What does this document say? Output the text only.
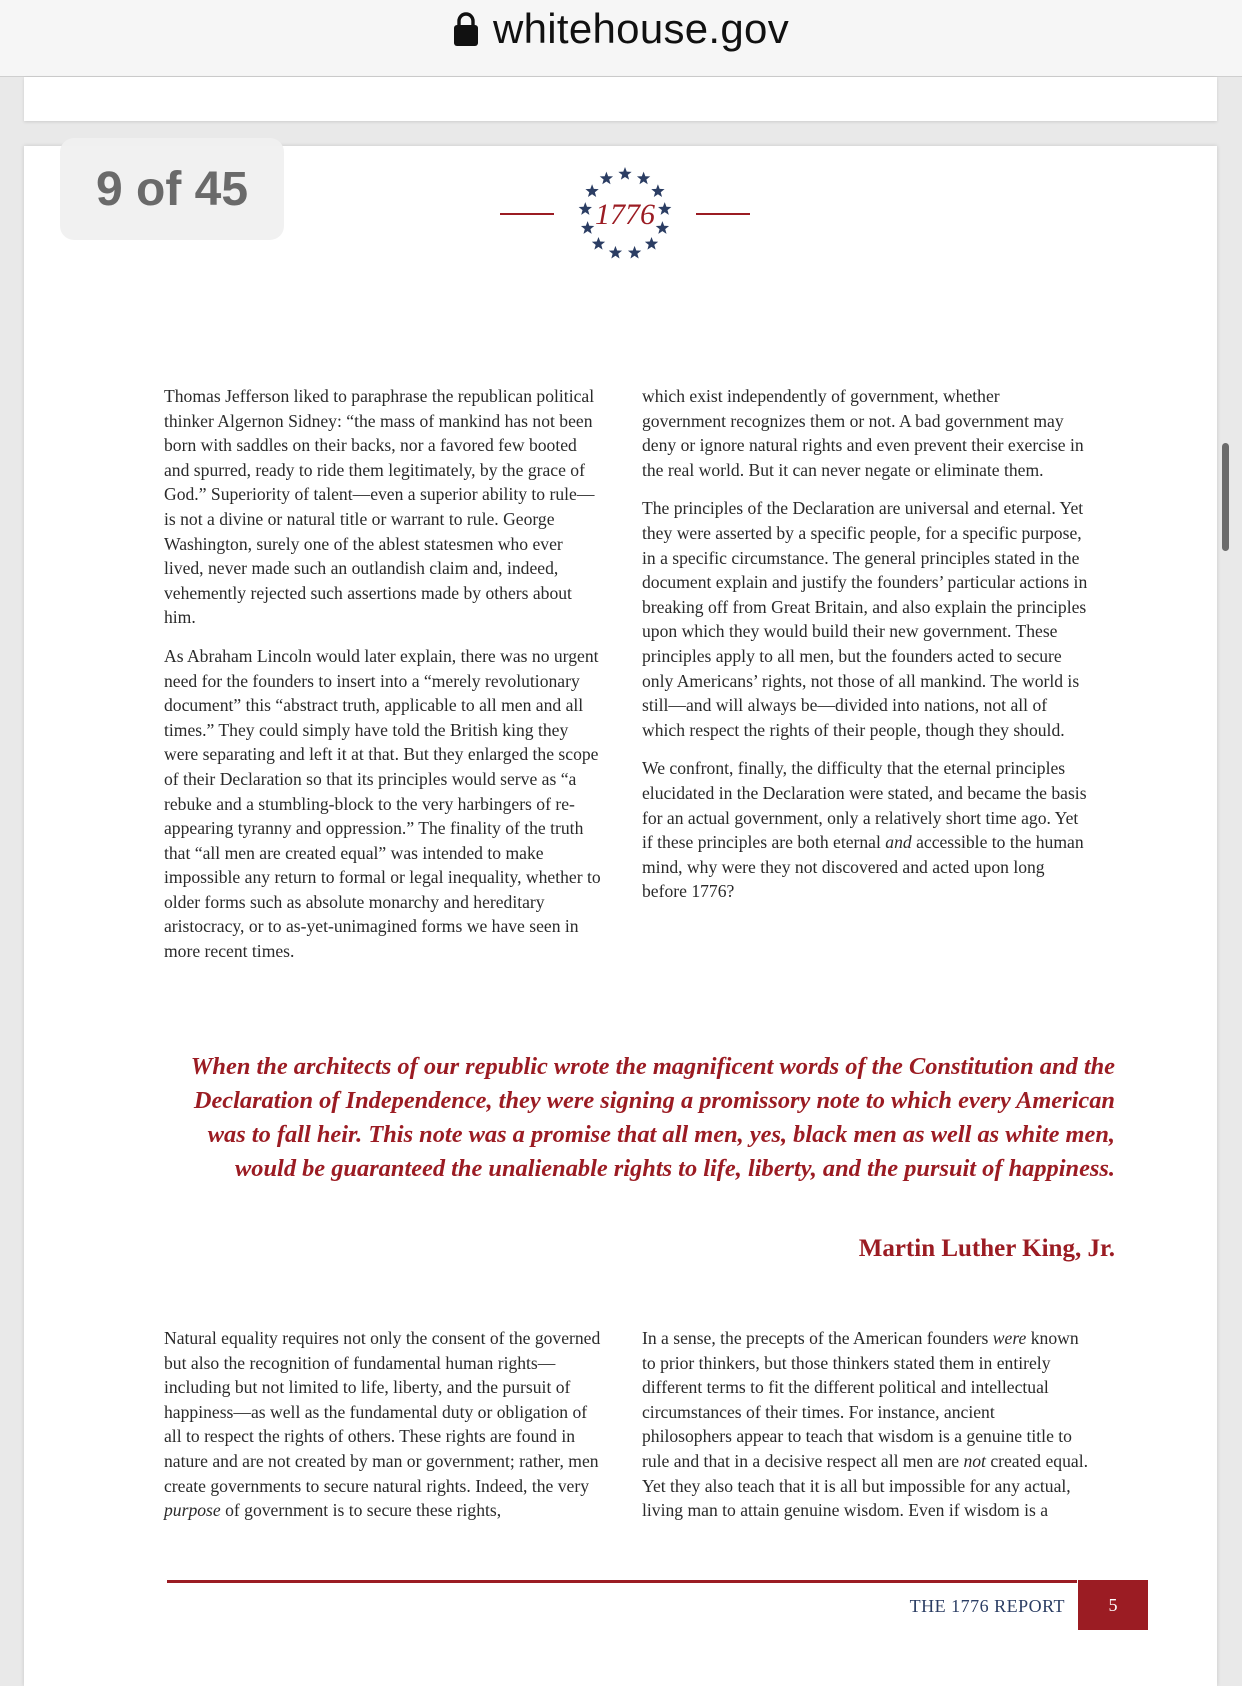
whitehouse.gov
9 of 45	1776

Thomas Jefferson liked to paraphrase the republican political thinker Algernon Sidney: “the mass of mankind has not been born with saddles on their backs, nor a favored few booted and spurred, ready to ride them legitimately, by the grace of God.” Superiority of talent—even a superior ability to rule—is not a divine or natural title or warrant to rule. George Washington, surely one of the ablest statesmen who ever lived, never made such an outlandish claim and, indeed, vehemently rejected such assertions made by others about him.

As Abraham Lincoln would later explain, there was no urgent need for the founders to insert into a “merely revolutionary document” this “abstract truth, applicable to all men and all times.” They could simply have told the British king they were separating and left it at that. But they enlarged the scope of their Declaration so that its principles would serve as “a rebuke and a stumbling-block to the very harbingers of re-appearing tyranny and oppression.” The finality of the truth that “all men are created equal” was intended to make impossible any return to formal or legal inequality, whether to older forms such as absolute monarchy and hereditary aristocracy, or to as-yet-unimagined forms we have seen in more recent times.

which exist independently of government, whether government recognizes them or not. A bad government may deny or ignore natural rights and even prevent their exercise in the real world. But it can never negate or eliminate them.

The principles of the Declaration are universal and eternal. Yet they were asserted by a specific people, for a specific purpose, in a specific circumstance. The general principles stated in the document explain and justify the founders’ particular actions in breaking off from Great Britain, and also explain the principles upon which they would build their new government. These principles apply to all men, but the founders acted to secure only Americans’ rights, not those of all mankind. The world is still—and will always be—divided into nations, not all of which respect the rights of their people, though they should.

We confront, finally, the difficulty that the eternal principles elucidated in the Declaration were stated, and became the basis for an actual government, only a relatively short time ago. Yet if these principles are both eternal and accessible to the human mind, why were they not discovered and acted upon long before 1776?

When the architects of our republic wrote the magnificent words of the Constitution and the Declaration of Independence, they were signing a promissory note to which every American was to fall heir. This note was a promise that all men, yes, black men as well as white men, would be guaranteed the unalienable rights to life, liberty, and the pursuit of happiness.
Martin Luther King, Jr.

Natural equality requires not only the consent of the governed but also the recognition of fundamental human rights—including but not limited to life, liberty, and the pursuit of happiness—as well as the fundamental duty or obligation of all to respect the rights of others. These rights are found in nature and are not created by man or government; rather, men create governments to secure natural rights. Indeed, the very purpose of government is to secure these rights,

In a sense, the precepts of the American founders were known to prior thinkers, but those thinkers stated them in entirely different terms to fit the different political and intellectual circumstances of their times. For instance, ancient philosophers appear to teach that wisdom is a genuine title to rule and that in a decisive respect all men are not created equal. Yet they also teach that it is all but impossible for any actual, living man to attain genuine wisdom. Even if wisdom is a

THE 1776 REPORT	5
